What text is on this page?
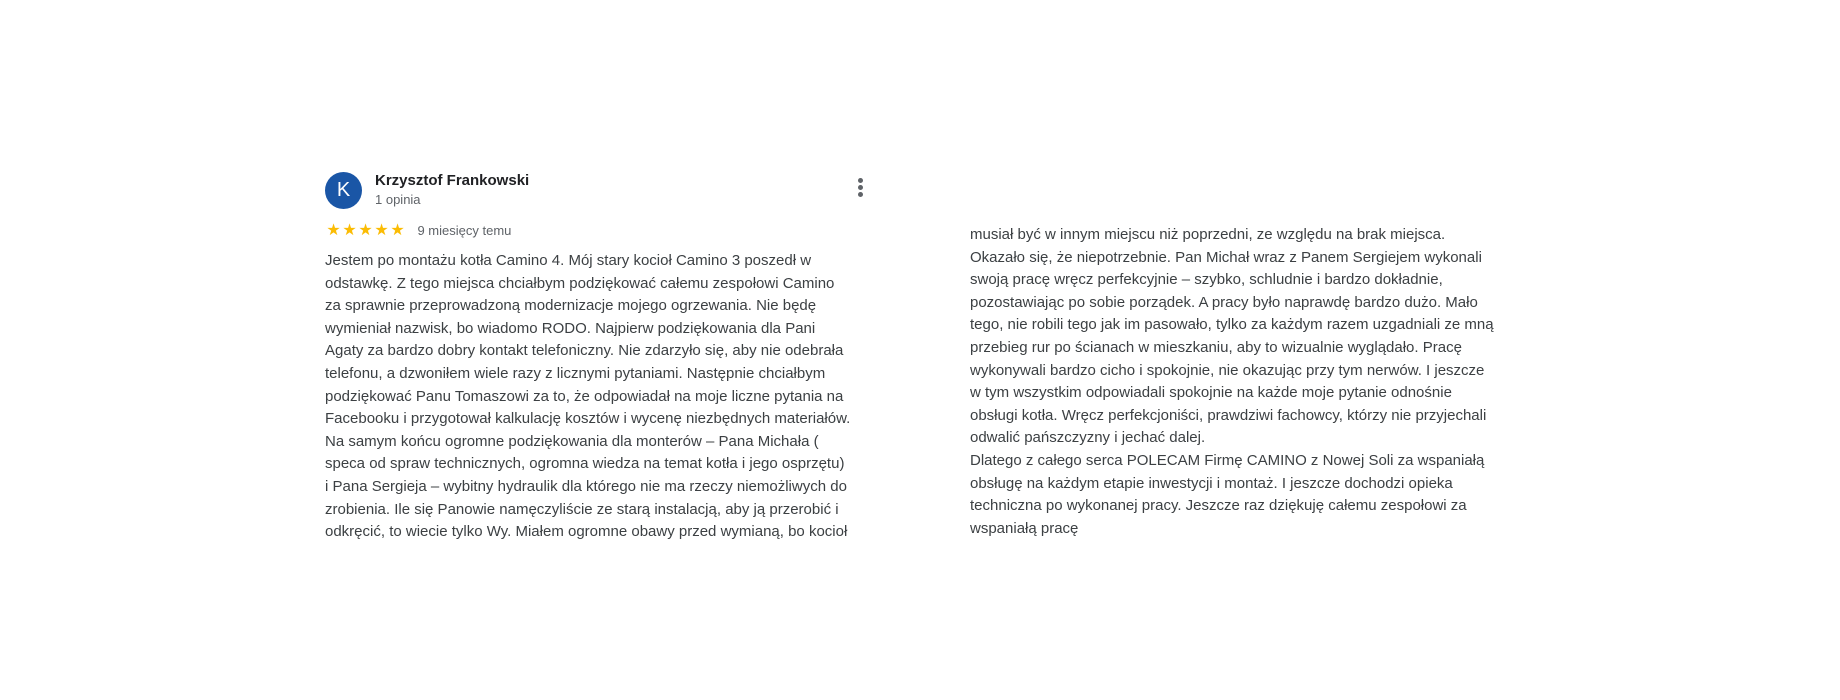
K	Krzysztof Frankowski
1 opinia
★ ★ ★ ★ ★ 9 miesięcy temu
Jestem po montażu kotła Camino 4. Mój stary kocioł Camino 3 poszedł w
odstawkę. Z tego miejsca chciałbym podziękować całemu zespołowi Camino
za sprawnie przeprowadzoną modernizacje mojego ogrzewania. Nie będę
wymieniał nazwisk, bo wiadomo RODO. Najpierw podziękowania dla Pani
Agaty za bardzo dobry kontakt telefoniczny. Nie zdarzyło się, aby nie odebrała
telefonu, a dzwoniłem wiele razy z licznymi pytaniami. Następnie chciałbym
podziękować Panu Tomaszowi za to, że odpowiadał na moje liczne pytania na
Facebooku i przygotował kalkulację kosztów i wycenę niezbędnych materiałów.
Na samym końcu ogromne podziękowania dla monterów – Pana Michała (
speca od spraw technicznych, ogromna wiedza na temat kotła i jego osprzętu)
i Pana Sergieja – wybitny hydraulik dla którego nie ma rzeczy niemożliwych do
zrobienia. Ile się Panowie namęczyliście ze starą instalacją, aby ją przerobić i
odkręcić, to wiecie tylko Wy. Miałem ogromne obawy przed wymianą, bo kocioł
musiał być w innym miejscu niż poprzedni, ze względu na brak miejsca.
Okazało się, że niepotrzebnie. Pan Michał wraz z Panem Sergiejem wykonali
swoją pracę wręcz perfekcyjnie – szybko, schludnie i bardzo dokładnie,
pozostawiając po sobie porządek. A pracy było naprawdę bardzo dużo. Mało
tego, nie robili tego jak im pasowało, tylko za każdym razem uzgadniali ze mną
przebieg rur po ścianach w mieszkaniu, aby to wizualnie wyglądało. Pracę
wykonywali bardzo cicho i spokojnie, nie okazując przy tym nerwów. I jeszcze
w tym wszystkim odpowiadali spokojnie na każde moje pytanie odnośnie
obsługi kotła. Wręcz perfekcjoniści, prawdziwi fachowcy, którzy nie przyjechali
odwalić pańszczyzny i jechać dalej.
Dlatego z całego serca POLECAM Firmę CAMINO z Nowej Soli za wspaniałą
obsługę na każdym etapie inwestycji i montaż. I jeszcze dochodzi opieka
techniczna po wykonanej pracy. Jeszcze raz dziękuję całemu zespołowi za
wspaniałą pracę
